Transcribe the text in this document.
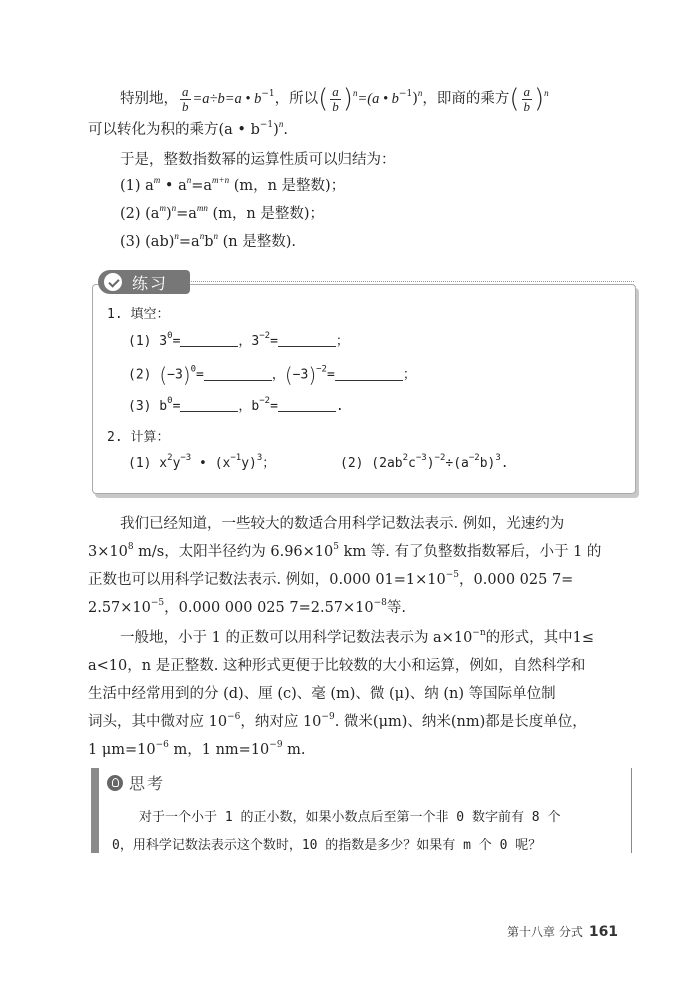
特别地， $\frac{a}{b} =a\div b=a$ • $b^{-1}$，所以( $\frac{a}{b} )^n=(a$ • $b^{-1})^n$，即商的乘方( $\frac{a}{b} )^n$
可以转化为积的乘方(a • $b^{-1})^n$.
于是，整数指数幂的运算性质可以归结为：
(1) $a^m$ • $a^n=a^{m+n}$ (m，n 是整数)；
(2) $(a^m)^n=a^{mn}$ (m，n 是整数)；
(3) $(ab)^n=a^nb^n$ (n 是整数).
练习
1. 填空：
(1) $3^0=$	，$3^{-2}=$	；
(2) $(-3)^0=$	，$(-3)^{-2}=$	；
(3) $b^0=$	，$b^{-2}=$	.
2. 计算：
(1) $x^2y^{-3}$ • $(x^{-1}y)^3$；	(2) $(2ab^2c^{-3})^{-2}\div(a^{-2}b)^3$.
我们已经知道，一些较大的数适合用科学记数法表示. 例如，光速约为
$3\times 10^8$ m/s，太阳半径约为 $6.96\times 10^5$ km 等. 有了负整数指数幂后，小于 1 的
正数也可以用科学记数法表示. 例如，0.000 $01=1\times 10^{-5}$，0.000 025 7=
$2.57\times 10^{-5}$，0.000 000 025 $7=2.57\times 10^{-8}$等.
一般地，小于 1 的正数可以用科学记数法表示为 $a\times 10^{-n}$的形式，其中1≤
a<10，n 是正整数. 这种形式更便于比较数的大小和运算，例如，自然科学和
生活中经常用到的分 (d)、厘 (c)、毫 (m)、微 (μ)、纳 (n) 等国际单位制
词头，其中微对应 $10^{-6}$，纳对应 $10^{-9}$. 微米(μm)、纳米(nm)都是长度单位，
1 $\mu m=10^{-6}$ m，1 $nm=10^{-9}$ m.
思考
对于一个小于 1 的正小数，如果小数点后至第一个非 0 数字前有 8 个
0，用科学记数法表示这个数时，10 的指数是多少？如果有 m 个 0 呢？
第十八章 分式 161
